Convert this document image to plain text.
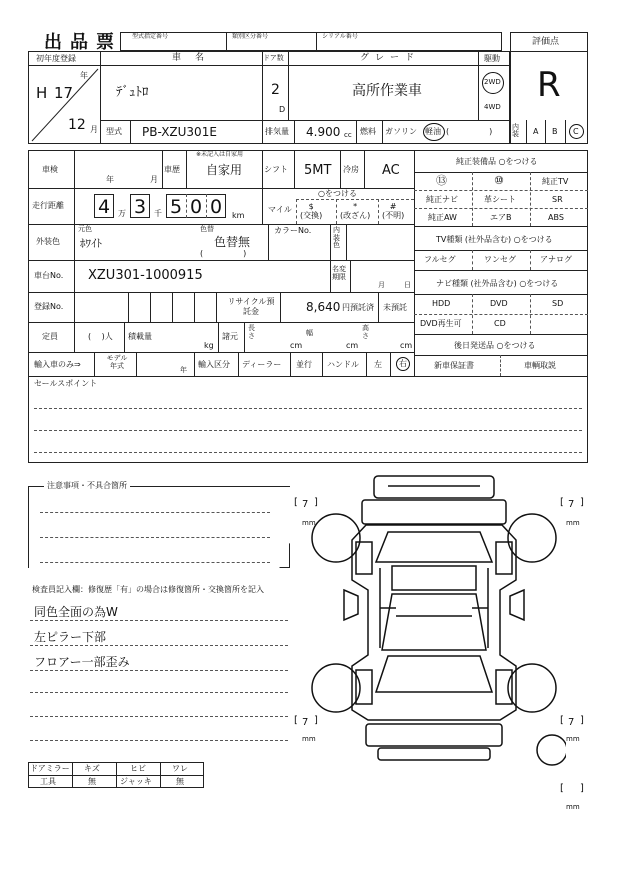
出品票 型式指定番号	類別区分番号	シリアル番号
評価点
R
初年度登録
年
H 17
12 月
車名
ﾃﾞｭﾄﾛ
ドア数
2
D
グレード
高所作業車
駆動
2WD
4WD
型式 PB-XZU301E	排気量 4.900 cc 燃料 ガソリン 軽油 (　　　　　)	内装 A B C
車検
年	月
車歴
※未記入は自家用
自家用	シフト 5MT 冷房 AC
走行距離 4 万 3 千 5 0 0 km
○をつける
マイル	$
(交換)
*
(改ざん)
#
(不明)
外装色
元色
ﾎﾜｲﾄ
色替
色替無
(　　　　　)
カラーNo.	内装色
車台No. XZU301-1000915	名変期限
月	日
登録No.
リサイクル預託金	8,640 円預託済 未預託
定員	( 　)人 積載量
kg
諸元
長さ
cm
幅
cm
高さ
cm
輸入車のみ⇒
モデル年式	年
輸入区分 ディーラー 並行 ハンドル 左 右
純正装備品 ○をつける
⑬	⑩	純正TV
純正ナビ	革シート	SR
純正AW	エアB	ABS
TV種類 (社外品含む) ○をつける
フルセグ	ワンセグ	アナログ
ナビ種類 (社外品含む) ○をつける
HDD	DVD	SD
DVD再生可	CD
後日発送品 ○をつける
新車保証書	車輌取説
セールスポイント
注意事項・不具合箇所
検査員記入欄：修復歴「有」の場合は修復箇所・交換箇所を記入
同色全面の為W
左ピラー下部
フロアー一部歪み
ドアミラー キズ	ヒビ	ワレ
工具	無	ジャッキ	無
[ 7 ]
mm
[ 7 ]
mm
[ 7 ]
mm
[ 7 ]
mm
[ ]
mm
